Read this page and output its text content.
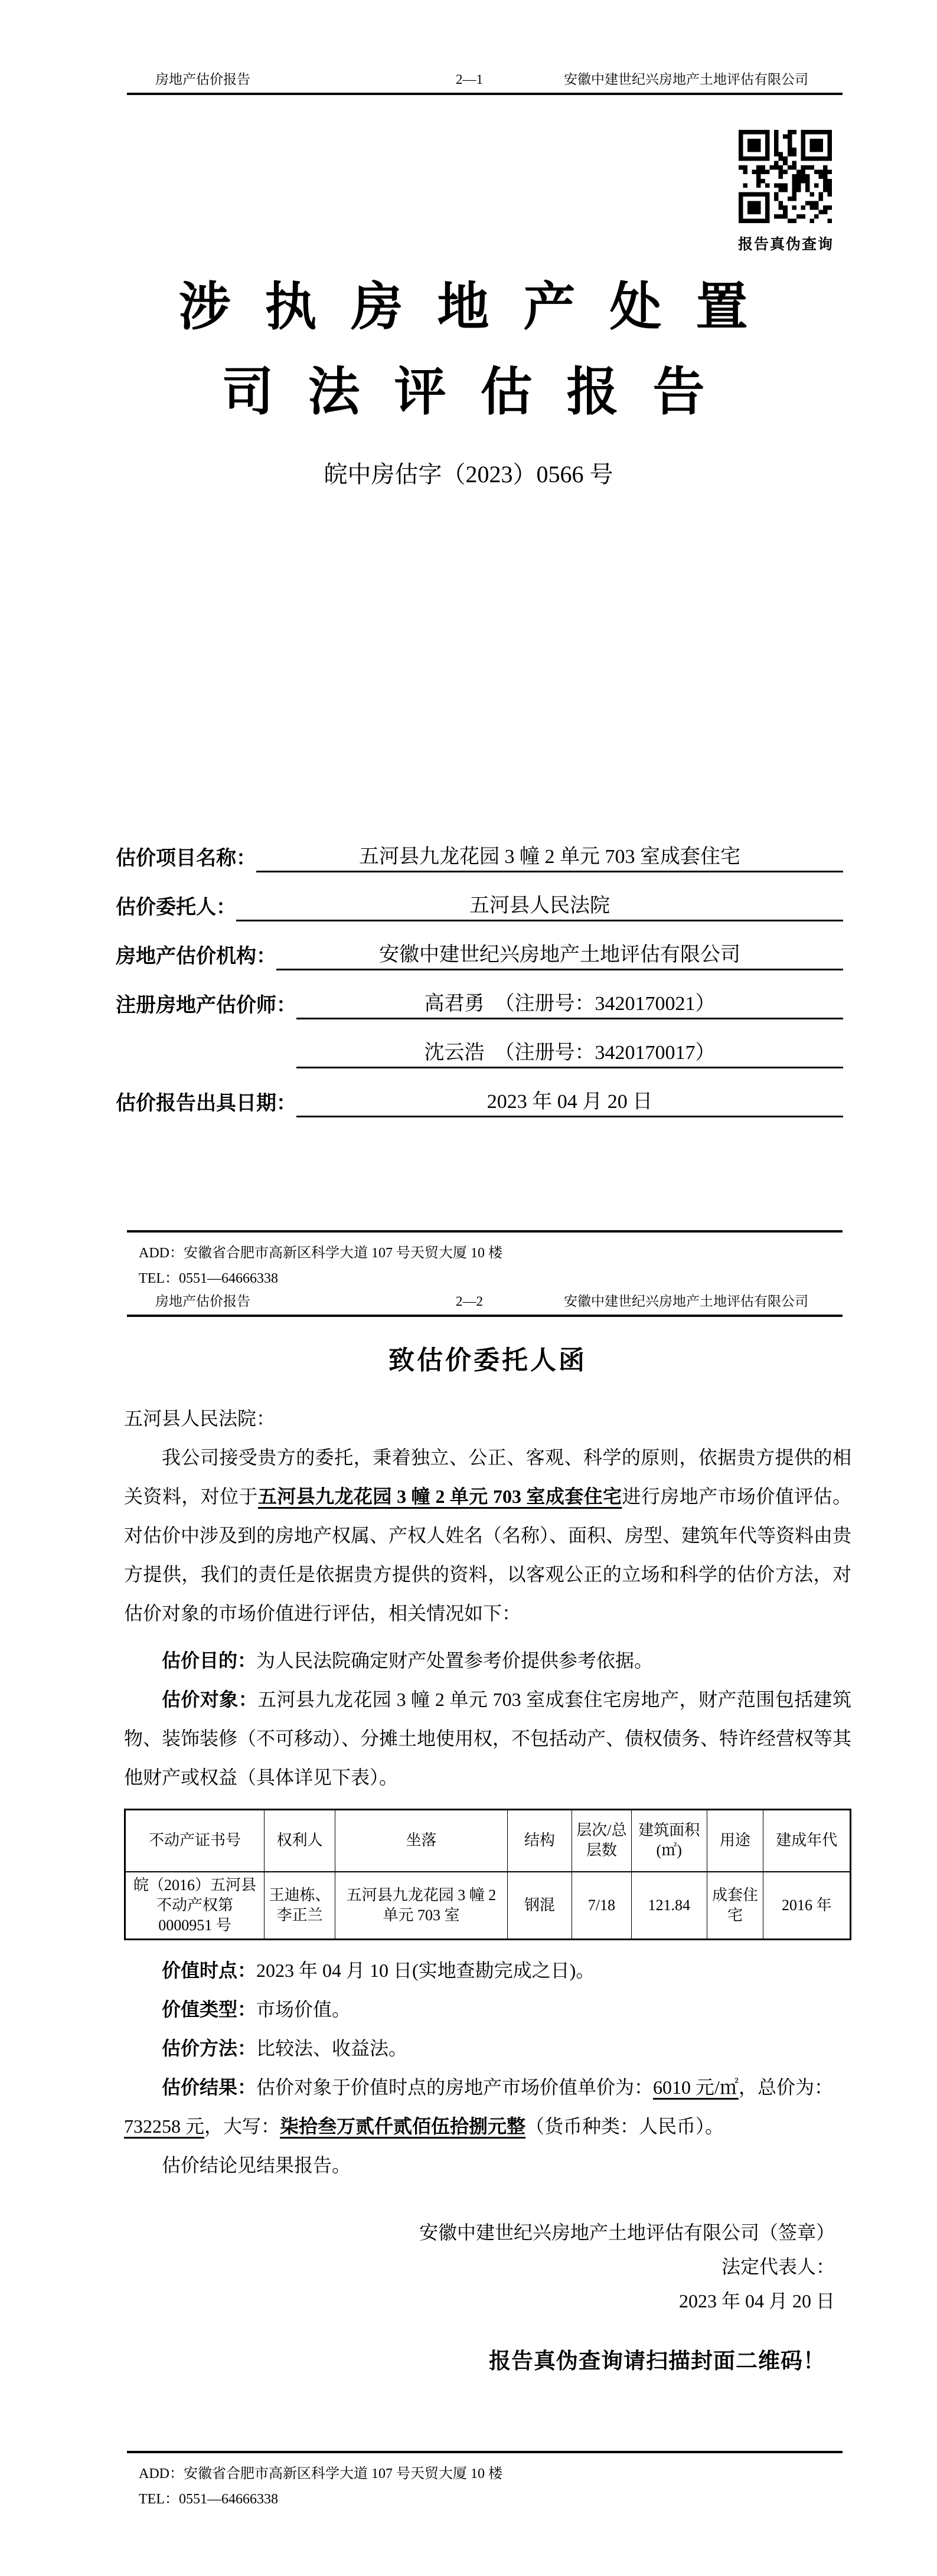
房地产估价报告	2—1	安徽中建世纪兴房地产土地评估有限公司
报告真伪查询
涉 执 房 地 产 处 置
司 法 评 估 报 告
皖中房估字（2023）0566 号
估价项目名称：	五河县九龙花园 3 幢 2 单元 703 室成套住宅
估价委托人：	五河县人民法院
房地产估价机构：	安徽中建世纪兴房地产土地评估有限公司
注册房地产估价师：	高君勇　（注册号：3420170021）
沈云浩　（注册号：3420170017）
估价报告出具日期：	2023 年 04 月 20 日
ADD：安徽省合肥市高新区科学大道 107 号天贸大厦 10 楼
TEL：0551—64666338
房地产估价报告	2—2	安徽中建世纪兴房地产土地评估有限公司
致估价委托人函

五河县人民法院：

我公司接受贵方的委托，秉着独立、公正、客观、科学的原则，依据贵方提供的相关资料，对位于五河县九龙花园 3 幢 2 单元 703 室成套住宅进行房地产市场价值评估。对估价中涉及到的房地产权属、产权人姓名（名称）、面积、房型、建筑年代等资料由贵方提供，我们的责任是依据贵方提供的资料，以客观公正的立场和科学的估价方法，对估价对象的市场价值进行评估，相关情况如下：

估价目的：为人民法院确定财产处置参考价提供参考依据。

估价对象：五河县九龙花园 3 幢 2 单元 703 室成套住宅房地产，财产范围包括建筑物、装饰装修（不可移动）、分摊土地使用权，不包括动产、债权债务、特许经营权等其他财产或权益（具体详见下表）。

不动产证书号	权利人	坐落	结构	层次/总层数	建筑面积(㎡)	用途	建成年代
皖（2016）五河县不动产权第 0000951 号	王迪栋、李正兰	五河县九龙花园 3 幢 2 单元 703 室	钢混	7/18	121.84	成套住宅	2016 年

价值时点：2023 年 04 月 10 日(实地查勘完成之日)。

价值类型：市场价值。

估价方法：比较法、收益法。

估价结果：估价对象于价值时点的房地产市场价值单价为：6010 元/㎡，总价为：
732258 元，大写：柒拾叁万贰仟贰佰伍拾捌元整（货币种类：人民币）。

估价结论见结果报告。

安徽中建世纪兴房地产土地评估有限公司（签章）
法定代表人：
2023 年 04 月 20 日
报告真伪查询请扫描封面二维码！
ADD：安徽省合肥市高新区科学大道 107 号天贸大厦 10 楼
TEL：0551—64666338
